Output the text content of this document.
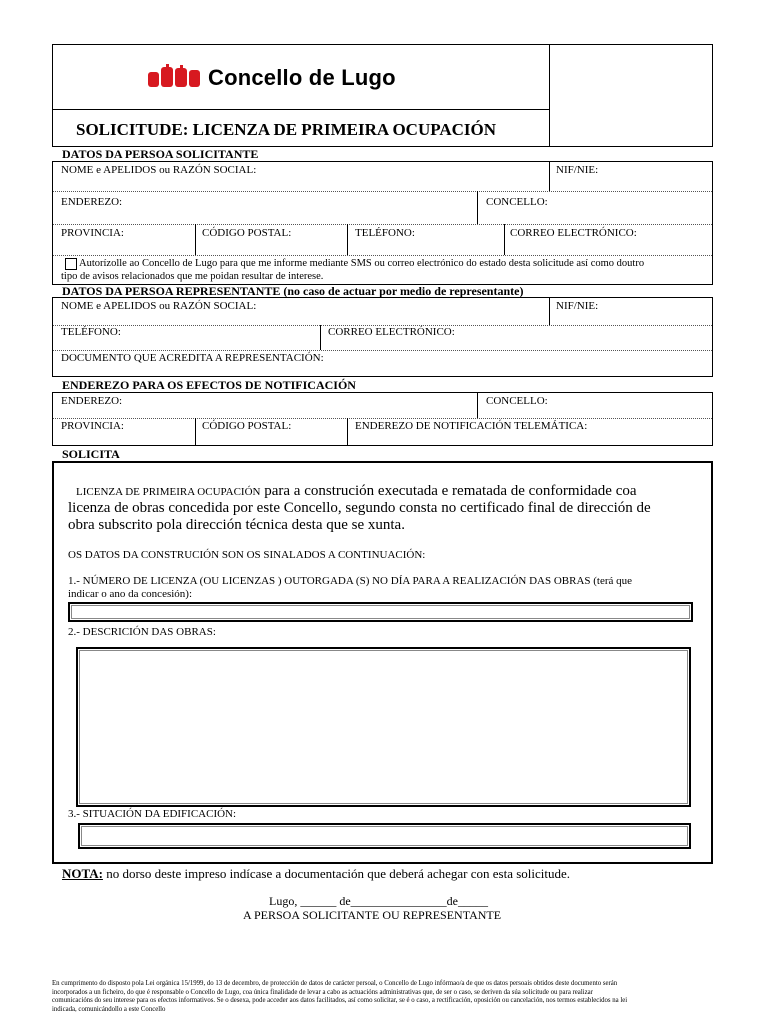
Concello de Lugo
SOLICITUDE: LICENZA DE PRIMEIRA OCUPACIÓN
DATOS DA PERSOA SOLICITANTE
NOME e APELIDOS ou RAZÓN SOCIAL:	NIF/NIE:
ENDEREZO:	CONCELLO:
PROVINCIA:	CÓDIGO POSTAL:	TELÉFONO:	CORREO ELECTRÓNICO:
Autorízolle ao Concello de Lugo para que me informe mediante SMS ou correo electrónico do estado desta solicitude así como doutro
tipo de avisos relacionados que me poidan resultar de interese.
DATOS DA PERSOA REPRESENTANTE (no caso de actuar por medio de representante)
NOME e APELIDOS ou RAZÓN SOCIAL:	NIF/NIE:
TELÉFONO:	CORREO ELECTRÓNICO:
DOCUMENTO QUE ACREDITA A REPRESENTACIÓN:
ENDEREZO PARA OS EFECTOS DE NOTIFICACIÓN
ENDEREZO:	CONCELLO:
PROVINCIA:	CÓDIGO POSTAL:	ENDEREZO DE NOTIFICACIÓN TELEMÁTICA:
SOLICITA
LICENZA DE PRIMEIRA OCUPACIÓN para a construción executada e rematada de conformidade coa
licenza de obras concedida por este Concello, segundo consta no certificado final de dirección de
obra subscrito pola dirección técnica desta que se xunta.
OS DATOS DA CONSTRUCIÓN SON OS SINALADOS A CONTINUACIÓN:
1.- NÚMERO DE LICENZA (OU LICENZAS ) OUTORGADA (S) NO DÍA PARA A REALIZACIÓN DAS OBRAS (terá que
indicar o ano da concesión):
2.- DESCRICIÓN DAS OBRAS:
3.- SITUACIÓN DA EDIFICACIÓN:
NOTA: no dorso deste impreso indícase a documentación que deberá achegar con esta solicitude.
Lugo, ______ de________________de_____
A PERSOA SOLICITANTE OU REPRESENTANTE
En cumprimento do disposto pola Lei orgánica 15/1999, do 13 de decembro, de protección de datos de carácter persoal, o Concello de Lugo infórmao/a de que os datos persoais obtidos deste documento serán
incorporados a un ficheiro, do que é responsable o Concello de Lugo, coa única finalidade de levar a cabo as actuacións administrativas que, de ser o caso, se deriven da súa solicitude ou para realizar
comunicacións do seu interese para os efectos informativos. Se o desexa, pode acceder aos datos facilitados, así como solicitar, se é o caso, a rectificación, oposición ou cancelación, nos termos establecidos na lei
indicada, comunicándollo a este Concello
